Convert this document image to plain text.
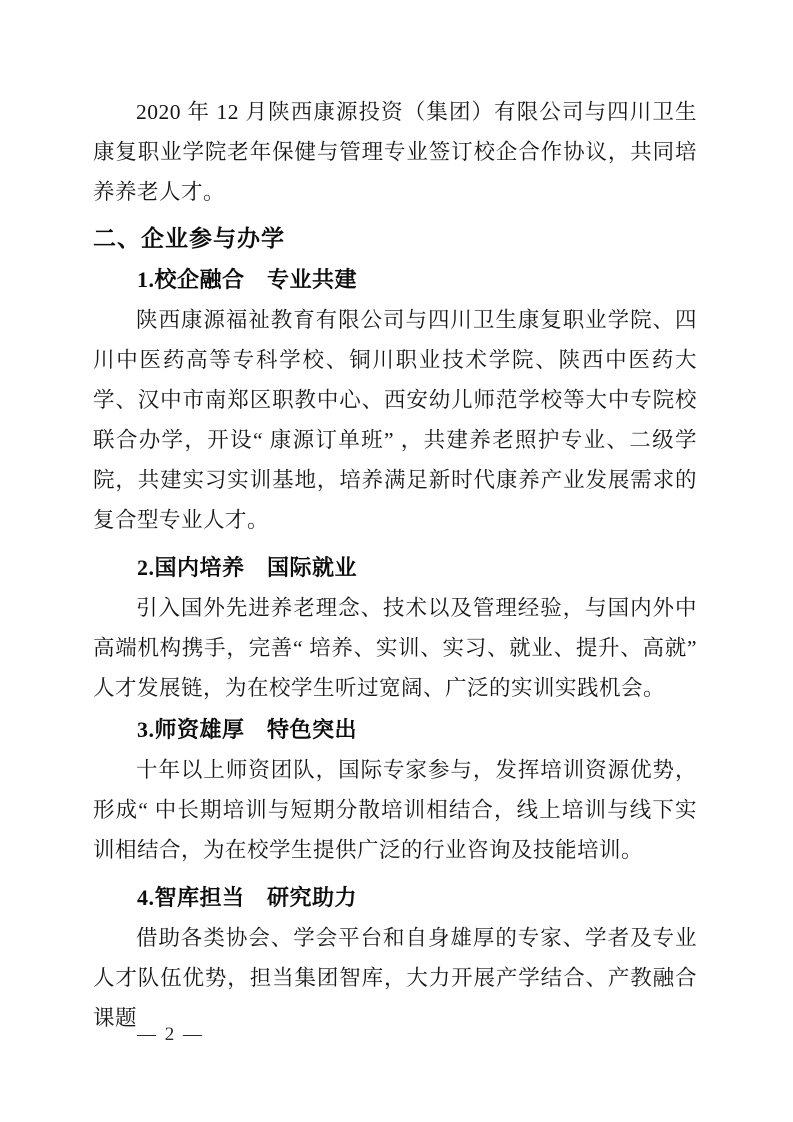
2020 年 12 月陕西康源投资（集团）有限公司与四川卫生康复职业学院老年保健与管理专业签订校企合作协议，共同培养养老人才。

二、企业参与办学
1.校企融合　专业共建

陕西康源福祉教育有限公司与四川卫生康复职业学院、四川中医药高等专科学校、铜川职业技术学院、陕西中医药大学、汉中市南郑区职教中心、西安幼儿师范学校等大中专院校联合办学，开设“ 康源订单班” ，共建养老照护专业、二级学院，共建实习实训基地，培养满足新时代康养产业发展需求的复合型专业人才。

2.国内培养　国际就业

引入国外先进养老理念、技术以及管理经验，与国内外中高端机构携手，完善“ 培养、实训、实习、就业、提升、高就” 人才发展链，为在校学生听过宽阔、广泛的实训实践机会。

3.师资雄厚　特色突出

十年以上师资团队，国际专家参与，发挥培训资源优势，形成“ 中长期培训与短期分散培训相结合，线上培训与线下实训相结合，为在校学生提供广泛的行业咨询及技能培训。

4.智库担当　研究助力

借助各类协会、学会平台和自身雄厚的专家、学者及专业人才队伍优势，担当集团智库，大力开展产学结合、产教融合课题

— 2 —
